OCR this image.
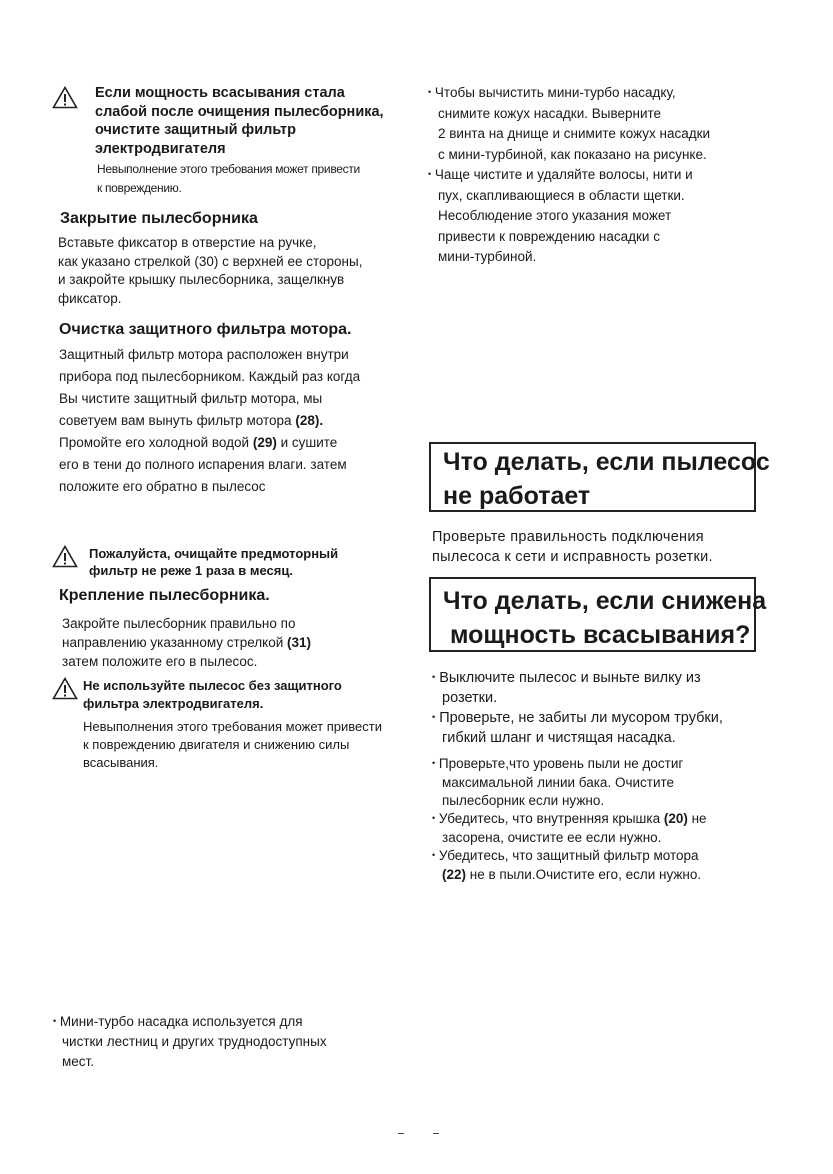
Если мощность всасывания стала
слабой после очищения пылесборника,
очистите защитный фильтр
электродвигателя
Невыполнение этого требования может привести
к повреждению.
Закрытие пылесборника
Вставьте фиксатор в отверстие на ручке,
как указано стрелкой (30) с верхней ее стороны,
и закройте крышку пылесборника, защелкнув
фиксатор.
Очистка защитного фильтра мотора.
Защитный фильтр мотора расположен внутри
прибора под пылесборником. Каждый раз когда
Вы чистите защитный фильтр мотора, мы
советуем вам вынуть фильтр мотора (28).
Промойте его холодной водой (29) и сушите
его в тени до полного испарения влаги. затем
положите его обратно в пылесос
Пожалуйста, очищайте предмоторный
фильтр не реже 1 раза в месяц.
Крепление пылесборника.
Закройте пылесборник правильно по
направлению указанному стрелкой (31)
затем положите его в пылесос.
Не используйте пылесос без защитного
фильтра электродвигателя.
Невыполнения этого требования может привести
к повреждению двигателя и снижению силы
всасывания.
• Мини-турбо насадка используется для
чистки лестниц и других труднодоступных
мест.
• Чтобы вычистить мини-турбо насадку,
снимите кожух насадки. Выверните
2 винта на днище и снимите кожух насадки
с мини-турбиной, как показано на рисунке.
• Чаще чистите и удаляйте волосы, нити и
пух, скапливающиеся в области щетки.
Несоблюдение этого указания может
привести к повреждению насадки с
мини-турбиной.
Что делать, если пылесос
не работает
Проверьте правильность подключения
пылесоса к сети и исправность розетки.
Что делать, если снижена
мощность всасывания?
• Выключите пылесос и выньте вилку из
розетки.
• Проверьте, не забиты ли мусором трубки,
гибкий шланг и чистящая насадка.
• Проверьте,что уровень пыли не достиг
максимальной линии бака. Очистите
пылесборник если нужно.
• Убедитесь, что внутренняя крышка (20) не
засорена, очистите ее если нужно.
• Убедитесь, что защитный фильтр мотора
(22) не в пыли.Очистите его, если нужно.
